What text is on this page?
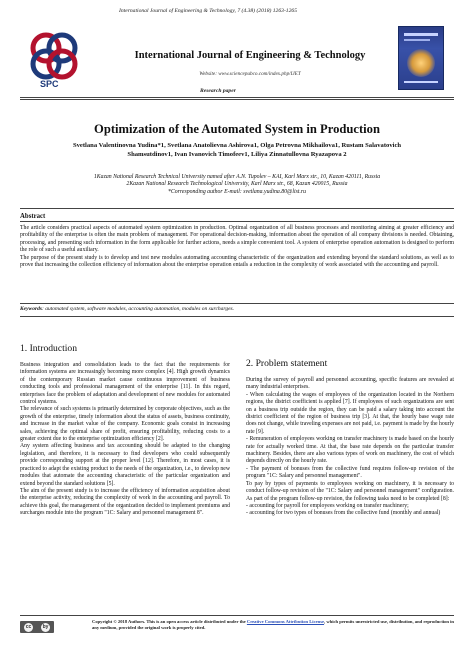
International Journal of Engineering & Technology, 7 (4.38) (2018) 1263-1265
SPC
International Journal of Engineering & Technology
Website: www.sciencepubco.com/index.php/IJET
Research paper
Optimization of the Automated System in Production
Svetlana Valentinovna Yudina*1, Svetlana Anatolievna Ashirova1, Olga Petrovna Mikhailova1, Rustam Salavatovich
Shamsutdinov1, Ivan Ivanovich Timofeev1, Liliya Zinnatullovna Ryazapova 2
1Kazan National Research Technical University named after A.N. Tupolev – KAI, Karl Marx str., 10, Kazan 420111, Russia
2Kazan National Research Technological University, Karl Marx str., 68, Kazan 420015, Russia
*Corresponding author E-mail: svetlana.yudina.80@list.ru
Abstract

The article considers practical aspects of automated system optimization in production. Optimal organization of all business processes and monitoring aiming at greater efficiency and profitability of the enterprise is often the main problem of management. For operational decision-making, information about the operation of all company divisions is needed. Obtaining, processing, and presenting such information in the form applicable for further actions, needs a simple convenient tool. A system of enterprise operation automation is designed to perform the role of such a useful auxiliary.

The purpose of the present study is to develop and test new modules automating accounting characteristic of the organization and extending beyond the standard solutions, as well as to prove that increasing the collection efficiency of information about the enterprise operation entails a reduction in the complexity of work associated with the accounting and payroll.

Keywords: automated system, software modules, accounting automation, modules on surcharges.
1. Introduction

Business integration and consolidation leads to the fact that the requirements for information systems are increasingly becoming more complex [4]. High growth dynamics of the contemporary Russian market cause continuous improvement of business conducting tools and professional management of the enterprise [11]. In this regard, enterprises face the problem of adaptation and development of new modules for automated control systems.

The relevance of such systems is primarily determined by corporate objectives, such as the growth of the enterprise, timely information about the status of assets, business continuity, and increase in the market value of the company. Economic goals consist in increasing sales, achieving the optimal share of profit, ensuring profitability, reducing costs to a greater extent due to the enterprise optimization efficiency [2].

Any system affecting business and tax accounting should be adapted to the changing legislation, and therefore, it is necessary to find developers who could subsequently provide corresponding support at the proper level [12]. Therefore, in most cases, it is practiced to adapt the existing product to the needs of the organization, i.e., to develop new modules that automate the accounting characteristic of the particular organization and extend beyond the standard solutions [5].

The aim of the present study is to increase the efficiency of information acquisition about the enterprise activity, reducing the complexity of work in the accounting and payroll. To achieve this goal, the management of the organization decided to implement premiums and surcharges module into the program "1C: Salary and personnel management 8".

2. Problem statement

During the survey of payroll and personnel accounting, specific features are revealed at many industrial enterprises.

- When calculating the wages of employees of the organization located in the Northern regions, the district coefficient is applied [7]. If employees of such organizations are sent on a business trip outside the region, they can be paid a salary taking into account the district coefficient of the region of business trip [3]. At that, the hourly base wage rate does not change, while traveling expenses are not paid, i.e. payment is made by the hourly rate [9].

- Remuneration of employees working on transfer machinery is made based on the hourly rate for actually worked time. At that, the base rate depends on the particular transfer machinery. Besides, there are also various types of work on machinery, the cost of which depends directly on the hourly rate.

- The payment of bonuses from the collective fund requires follow-up revision of the program "1C: Salary and personnel management".

To pay by types of payments to employees working on machinery, it is necessary to conduct follow-up revision of the "1C: Salary and personnel management" configuration. As part of the program follow-up revision, the following tasks need to be completed [8]:

- accounting for payroll for employees working on transfer machinery;

- accounting for two types of bonuses from the collective fund (monthly and annual)

cc	by
Copyright © 2018 Authors. This is an open access article distributed under the Creative Commons Attribution License, which permits unrestricted use, distribution, and reproduction in any medium, provided the original work is properly cited.
